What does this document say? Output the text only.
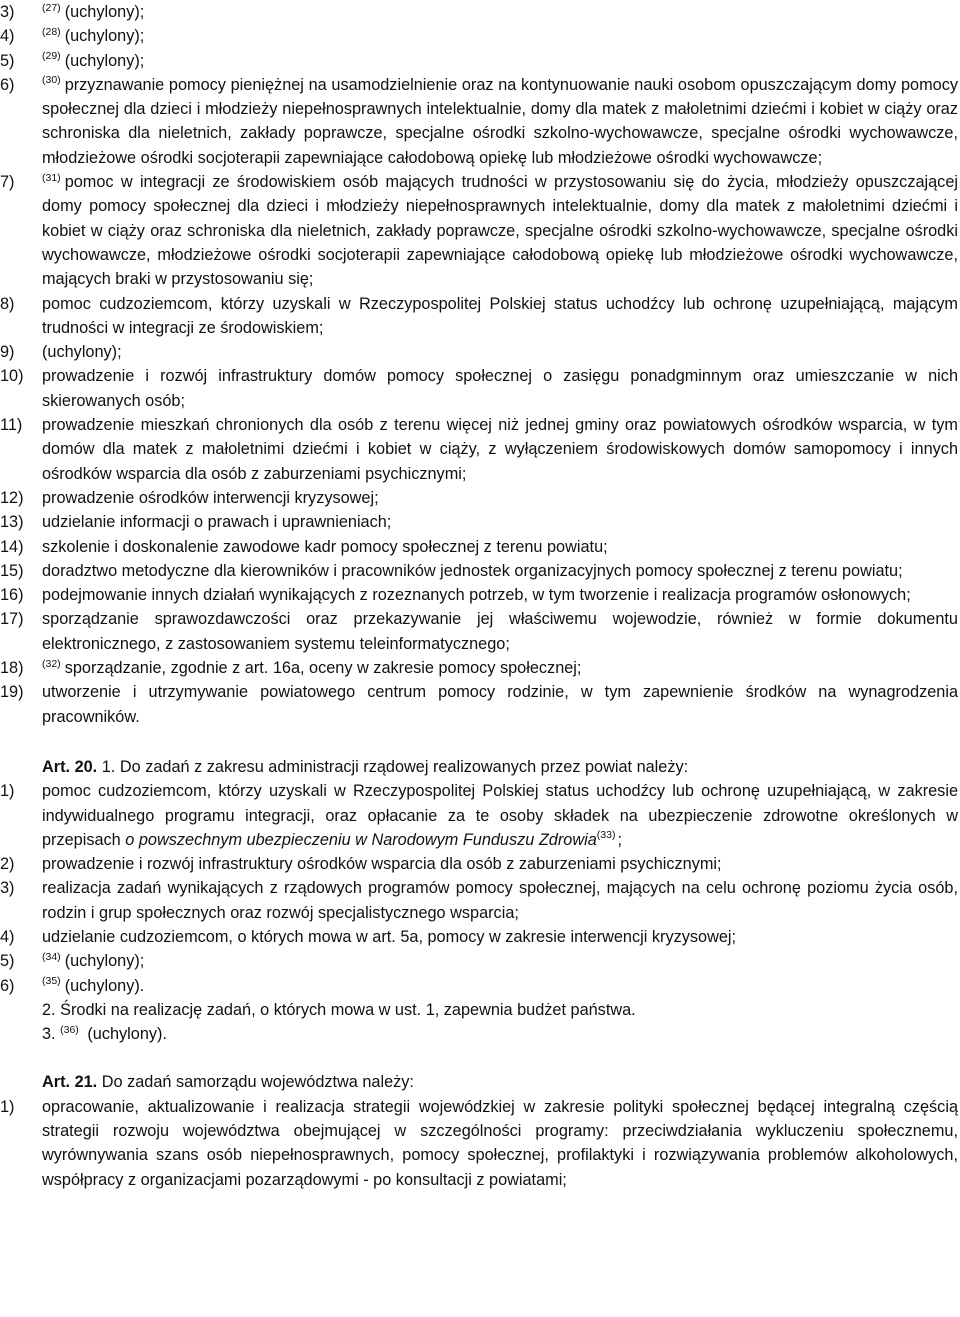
3)	$^{(27)}$ (uchylony);
4)	$^{(28)}$ (uchylony);
5)	$^{(29)}$ (uchylony);
6)	$^{(30)}$ przyznawanie pomocy pieniężnej na usamodzielnienie oraz na kontynuowanie nauki osobom opuszczającym domy pomocy społecznej dla dzieci i młodzieży niepełnosprawnych intelektualnie, domy dla matek z małoletnimi dziećmi i kobiet w ciąży oraz schroniska dla nieletnich, zakłady poprawcze, specjalne ośrodki szkolno-wychowawcze, specjalne ośrodki wychowawcze, młodzieżowe ośrodki socjoterapii zapewniające całodobową opiekę lub młodzieżowe ośrodki wychowawcze;
7)	$^{(31)}$ pomoc w integracji ze środowiskiem osób mających trudności w przystosowaniu się do życia, młodzieży opuszczającej domy pomocy społecznej dla dzieci i młodzieży niepełnosprawnych intelektualnie, domy dla matek z małoletnimi dziećmi i kobiet w ciąży oraz schroniska dla nieletnich, zakłady poprawcze, specjalne ośrodki szkolno-wychowawcze, specjalne ośrodki wychowawcze, młodzieżowe ośrodki socjoterapii zapewniające całodobową opiekę lub młodzieżowe ośrodki wychowawcze, mających braki w przystosowaniu się;
8)	pomoc cudzoziemcom, którzy uzyskali w Rzeczypospolitej Polskiej status uchodźcy lub ochronę uzupełniającą, mającym trudności w integracji ze środowiskiem;
9)	(uchylony);
10)	prowadzenie i rozwój infrastruktury domów pomocy społecznej o zasięgu ponadgminnym oraz umieszczanie w nich skierowanych osób;
11)	prowadzenie mieszkań chronionych dla osób z terenu więcej niż jednej gminy oraz powiatowych ośrodków wsparcia, w tym domów dla matek z małoletnimi dziećmi i kobiet w ciąży, z wyłączeniem środowiskowych domów samopomocy i innych ośrodków wsparcia dla osób z zaburzeniami psychicznymi;
12)	prowadzenie ośrodków interwencji kryzysowej;
13)	udzielanie informacji o prawach i uprawnieniach;
14)	szkolenie i doskonalenie zawodowe kadr pomocy społecznej z terenu powiatu;
15)	doradztwo metodyczne dla kierowników i pracowników jednostek organizacyjnych pomocy społecznej z terenu powiatu;
16)	podejmowanie innych działań wynikających z rozeznanych potrzeb, w tym tworzenie i realizacja programów osłonowych;
17)	sporządzanie sprawozdawczości oraz przekazywanie jej właściwemu wojewodzie, również w formie dokumentu elektronicznego, z zastosowaniem systemu teleinformatycznego;
18)	$^{(32)}$ sporządzanie, zgodnie z art. 16a, oceny w zakresie pomocy społecznej;
19)	utworzenie i utrzymywanie powiatowego centrum pomocy rodzinie, w tym zapewnienie środków na wynagrodzenia pracowników.
Art. 20. 1. Do zadań z zakresu administracji rządowej realizowanych przez powiat należy:
1)	pomoc cudzoziemcom, którzy uzyskali w Rzeczypospolitej Polskiej status uchodźcy lub ochronę uzupełniającą, w zakresie indywidualnego programu integracji, oraz opłacanie za te osoby składek na ubezpieczenie zdrowotne określonych w przepisach o powszechnym ubezpieczeniu w Narodowym Funduszu Zdrowia$^{(33)}$ ;
2)	prowadzenie i rozwój infrastruktury ośrodków wsparcia dla osób z zaburzeniami psychicznymi;
3)	realizacja zadań wynikających z rządowych programów pomocy społecznej, mających na celu ochronę poziomu życia osób, rodzin i grup społecznych oraz rozwój specjalistycznego wsparcia;
4)	udzielanie cudzoziemcom, o których mowa w art. 5a, pomocy w zakresie interwencji kryzysowej;
5)	$^{(34)}$ (uchylony);
6)	$^{(35)}$ (uchylony).
2. Środki na realizację zadań, o których mowa w ust. 1, zapewnia budżet państwa.
3. $^{(36)}$ (uchylony).
Art. 21. Do zadań samorządu województwa należy:
1)	opracowanie, aktualizowanie i realizacja strategii wojewódzkiej w zakresie polityki społecznej będącej integralną częścią strategii rozwoju województwa obejmującej w szczególności programy: przeciwdziałania wykluczeniu społecznemu, wyrównywania szans osób niepełnosprawnych, pomocy społecznej, profilaktyki i rozwiązywania problemów alkoholowych, współpracy z organizacjami pozarządowymi - po konsultacji z powiatami;
